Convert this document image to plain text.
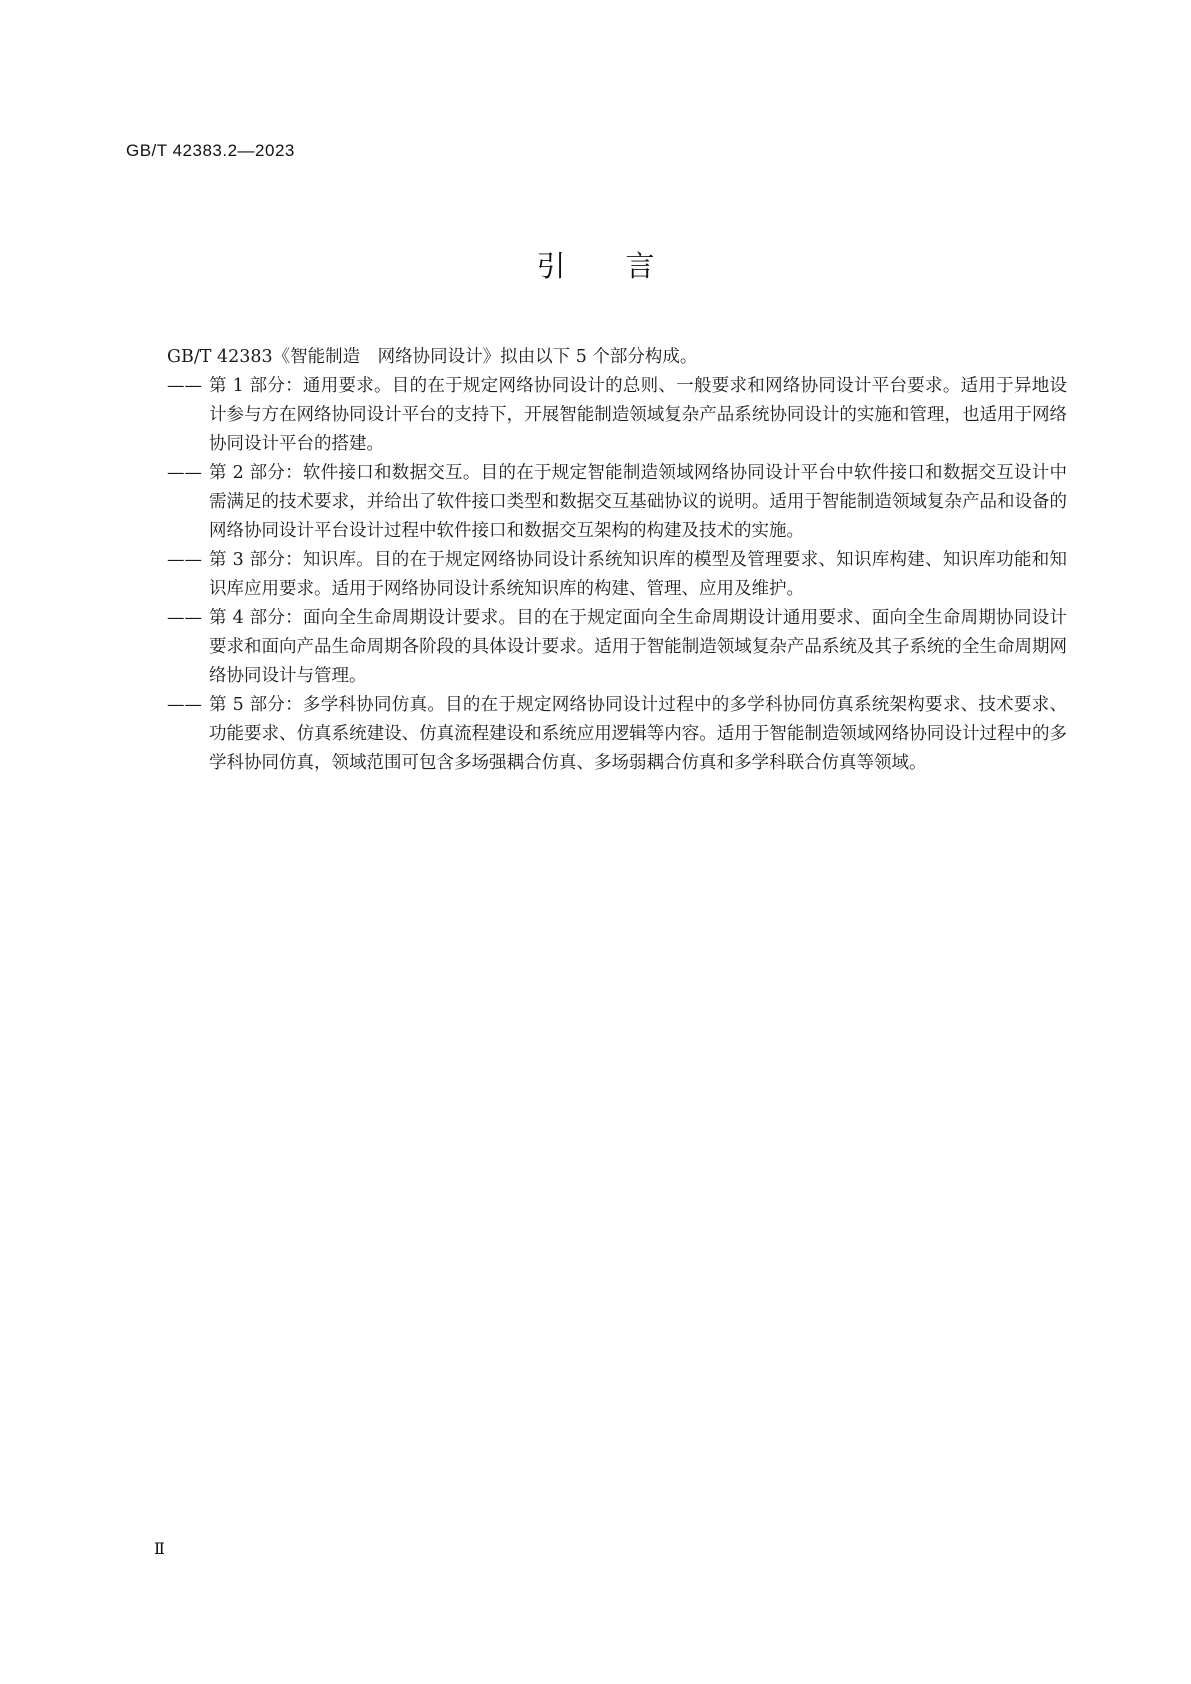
GB/T 42383.2—2023
引言

GB/T 42383《智能制造　网络协同设计》拟由以下 5 个部分构成。

—— 第 1 部分：通用要求。目的在于规定网络协同设计的总则、一般要求和网络协同设计平台要求。适用于异地设计参与方在网络协同设计平台的支持下，开展智能制造领域复杂产品系统协同设计的实施和管理，也适用于网络协同设计平台的搭建。
—— 第 2 部分：软件接口和数据交互。目的在于规定智能制造领域网络协同设计平台中软件接口和数据交互设计中需满足的技术要求，并给出了软件接口类型和数据交互基础协议的说明。适用于智能制造领域复杂产品和设备的网络协同设计平台设计过程中软件接口和数据交互架构的构建及技术的实施。
—— 第 3 部分：知识库。目的在于规定网络协同设计系统知识库的模型及管理要求、知识库构建、知识库功能和知识库应用要求。适用于网络协同设计系统知识库的构建、管理、应用及维护。
—— 第 4 部分：面向全生命周期设计要求。目的在于规定面向全生命周期设计通用要求、面向全生命周期协同设计要求和面向产品生命周期各阶段的具体设计要求。适用于智能制造领域复杂产品系统及其子系统的全生命周期网络协同设计与管理。
—— 第 5 部分：多学科协同仿真。目的在于规定网络协同设计过程中的多学科协同仿真系统架构要求、技术要求、功能要求、仿真系统建设、仿真流程建设和系统应用逻辑等内容。适用于智能制造领域网络协同设计过程中的多学科协同仿真，领域范围可包含多场强耦合仿真、多场弱耦合仿真和多学科联合仿真等领域。
Ⅱ
